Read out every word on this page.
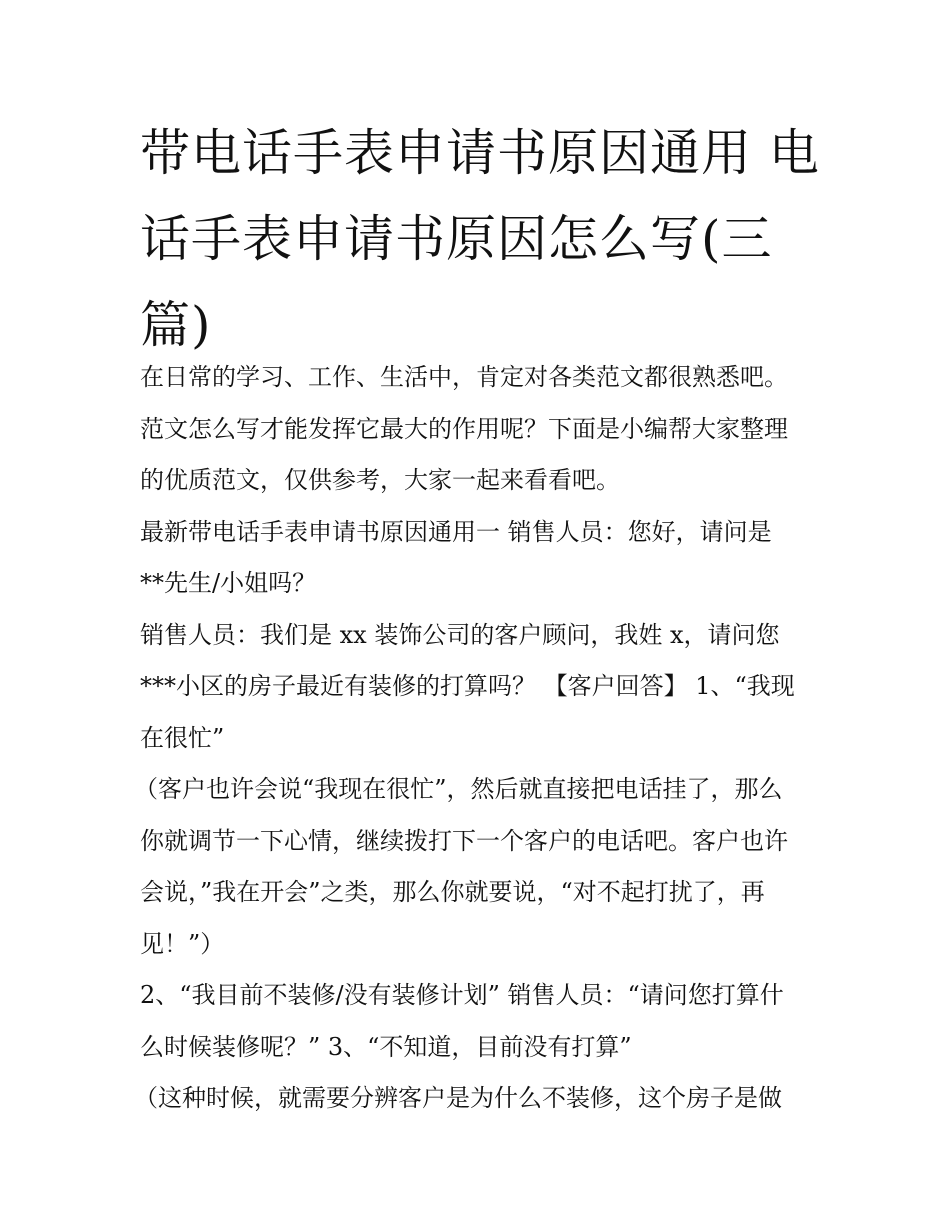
带电话手表申请书原因通用 电
话手表申请书原因怎么写(三
篇)
在日常的学习、工作、生活中，肯定对各类范文都很熟悉吧。
范文怎么写才能发挥它最大的作用呢？下面是小编帮大家整理
的优质范文，仅供参考，大家一起来看看吧。
最新带电话手表申请书原因通用一 销售人员：您好，请问是
**先生/小姐吗？
销售人员：我们是 xx 装饰公司的客户顾问，我姓 x，请问您
***小区的房子最近有装修的打算吗？ 【客户回答】 1、“我现
在很忙”
（客户也许会说“我现在很忙”，然后就直接把电话挂了，那么
你就调节一下心情，继续拨打下一个客户的电话吧。客户也许
会说，”我在开会”之类，那么你就要说，“对不起打扰了，再
见！”）
2、“我目前不装修/没有装修计划” 销售人员：“请问您打算什
么时候装修呢？” 3、“不知道，目前没有打算”
（这种时候，就需要分辨客户是为什么不装修，这个房子是做
